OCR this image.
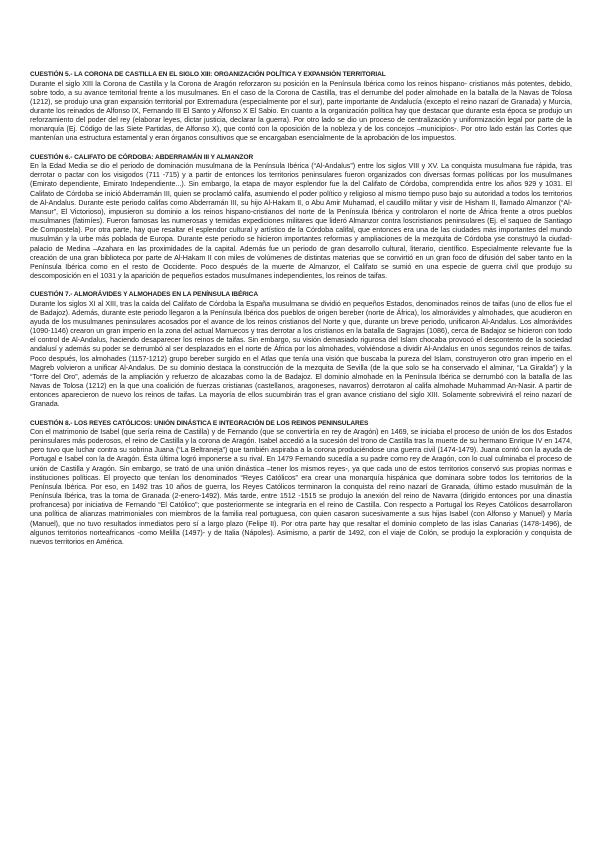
CUESTIÓN 5.- LA CORONA DE CASTILLA EN EL SIGLO XIII: ORGANIZACIÓN POLÍTICA Y EXPANSIÓN TERRITORIAL

Durante el siglo XIII la Corona de Castilla y la Corona de Aragón reforzaron su posición en la Península Ibérica como los reinos hispano- cristianos más potentes, debido, sobre todo, a su avance territorial frente a los musulmanes. En el caso de la Corona de Castilla, tras el derrumbe del poder almohade en la batalla de la Navas de Tolosa (1212), se produjo una gran expansión territorial por Extremadura (especialmente por el sur), parte importante de Andalucía (excepto el reino nazarí de Granada) y Murcia, durante los reinados de Alfonso IX, Fernando III El Santo y Alfonso X El Sabio. En cuanto a la organización política hay que destacar que durante esta época se produjo un reforzamiento del poder del rey (elaborar leyes, dictar justicia, declarar la guerra). Por otro lado se dio un proceso de centralización y uniformización legal por parte de la monarquía (Ej. Código de las Siete Partidas, de Alfonso X), que contó con la oposición de la nobleza y de los concejos –municipios-. Por otro lado están las Cortes que mantenían una estructura estamental y eran órganos consultivos que se encargaban esencialmente de la aprobación de los impuestos.

CUESTIÓN 6.- CALIFATO DE CÓRDOBA: ABDERRAMÁN III Y ALMANZOR

En la Edad Media se dio el periodo de dominación musulmana de la Península Ibérica (“Al-Andalus”) entre los siglos VIII y XV. La conquista musulmana fue rápida, tras derrotar o pactar con los visigodos (711 -715) y a partir de entonces los territorios peninsulares fueron organizados con diversas formas políticas por los musulmanes (Emirato dependiente, Emirato Independiente...). Sin embargo, la etapa de mayor esplendor fue la del Califato de Córdoba, comprendida entre los años 929 y 1031. El Califato de Córdoba se inició Abderramán III, quien se proclamó califa, asumiendo el poder político y religioso al mismo tiempo puso bajo su autoridad a todos los territorios de Al-Andalus. Durante este periodo califas como Abderramán III, su hijo Al-Hakam II, o Abu Amir Muhamad, el caudillo militar y visir de Hisham II, llamado Almanzor (“Al-Mansur”, El Victorioso), impusieron su dominio a los reinos hispano-cristianos del norte de la Península Ibérica y controlaron el norte de África frente a otros pueblos musulmanes (fatimíes). Fueron famosas las numerosas y temidas expediciones militares que lideró Almanzor contra loscristianos peninsulares (Ej. el saqueo de Santiago de Compostela). Por otra parte, hay que resaltar el esplendor cultural y artístico de la Córdoba califal, que entonces era una de las ciudades más importantes del mundo musulmán y la urbe más poblada de Europa. Durante este periodo se hicieron importantes reformas y ampliaciones de la mezquita de Córdoba yse construyó la ciudad-palacio de Medina –Azahara en las proximidades de la capital. Además fue un periodo de gran desarrollo cultural, literario, científico. Especialmente relevante fue la creación de una gran biblioteca por parte de Al-Hakam II con miles de volúmenes de distintas materias que se convirtió en un gran foco de difusión del saber tanto en la Península Ibérica como en el resto de Occidente. Poco después de la muerte de Almanzor, el Califato se sumió en una especie de guerra civil que produjo su descomposición en el 1031 y la aparición de pequeños estados musulmanes independientes, los reinos de taifas.

CUESTIÓN 7.- ALMORÁVIDES Y ALMOHADES EN LA PENÍNSULA IBÉRICA

Durante los siglos XI al XIII, tras la caída del Califato de Córdoba la España musulmana se dividió en pequeños Estados, denominados reinos de taifas (uno de ellos fue el de Badajoz). Además, durante este periodo llegaron a la Península Ibérica dos pueblos de origen bereber (norte de África), los almorávides y almohades, que acudieron en ayuda de los musulmanes peninsulares acosados por el avance de los reinos cristianos del Norte y que, durante un breve periodo, unificaron Al-Andalus. Los almorávides (1090-1146) crearon un gran imperio en la zona del actual Marruecos y tras derrotar a los cristianos en la batalla de Sagrajas (1086), cerca de Badajoz se hicieron con todo el control de Al-Andalus, haciendo desaparecer los reinos de taifas. Sin embargo, su visión demasiado rigurosa del Islam chocaba provocó el descontento de la sociedad andalusí y además su poder se derrumbó al ser desplazados en el norte de África por los almohades, volviéndose a dividir Al-Andalus en unos segundos reinos de taifas. Poco después, los almohades (1157-1212) grupo bereber surgido en el Atlas que tenía una visión que buscaba la pureza del Islam, construyeron otro gran imperio en el Magreb volvieron a unificar Al-Andalus. De su dominio destaca la construcción de la mezquita de Sevilla (de la que solo se ha conservado el alminar, “La Giralda”) y la “Torre del Oro”, además de la ampliación y refuerzo de alcazabas como la de Badajoz. El dominio almohade en la Península Ibérica se derrumbó con la batalla de las Navas de Tolosa (1212) en la que una coalición de fuerzas cristianas (castellanos, aragoneses, navarros) derrotaron al califa almohade Muhammad An-Nasir. A partir de entonces aparecieron de nuevo los reinos de taifas. La mayoría de ellos sucumbirán tras el gran avance cristiano del siglo XIII. Solamente sobrevivirá el reino nazarí de Granada.

CUESTIÓN 8.- LOS REYES CATÓLICOS: UNIÓN DINÁSTICA E INTEGRACIÓN DE LOS REINOS PENINSULARES

Con el matrimonio de Isabel (que sería reina de Castilla) y de Fernando (que se convertiría en rey de Aragón) en 1469, se iniciaba el proceso de unión de los dos Estados peninsulares más poderosos, el reino de Castilla y la corona de Aragón. Isabel accedió a la sucesión del trono de Castilla tras la muerte de su hermano Enrique IV en 1474, pero tuvo que luchar contra su sobrina Juana (“La Beltraneja”) que también aspiraba a la corona produciéndose una guerra civil (1474-1479). Juana contó con la ayuda de Portugal e Isabel con la de Aragón. Ésta última logró imponerse a su rival. En 1479 Fernando sucedía a su padre como rey de Aragón, con lo cual culminaba el proceso de unión de Castilla y Aragón. Sin embargo, se trató de una unión dinástica –tener los mismos reyes-, ya que cada uno de estos territorios conservó sus propias normas e instituciones políticas. El proyecto que tenían los denominados “Reyes Católicos” era crear una monarquía hispánica que dominara sobre todos los territorios de la Península Ibérica. Por eso, en 1492 tras 10 años de guerra, los Reyes Católicos terminaron la conquista del reino nazarí de Granada, último estado musulmán de la Península Ibérica, tras la toma de Granada (2-enero-1492). Más tarde, entre 1512 -1515 se produjo la anexión del reino de Navarra (dirigido entonces por una dinastía profrancesa) por iniciativa de Fernando “El Católico”; que posteriormente se integraría en el reino de Castilla. Con respecto a Portugal los Reyes Católicos desarrollaron una política de alianzas matrimoniales con miembros de la familia real portuguesa, con quien casaron sucesivamente a sus hijas Isabel (con Alfonso y Manuel) y María (Manuel), que no tuvo resultados inmediatos pero sí a largo plazo (Felipe II). Por otra parte hay que resaltar el dominio completo de las islas Canarias (1478-1496), de algunos territorios norteafricanos -como Melilla (1497)- y de Italia (Nápoles). Asimismo, a partir de 1492, con el viaje de Colón, se produjo la exploración y conquista de nuevos territorios en América.
